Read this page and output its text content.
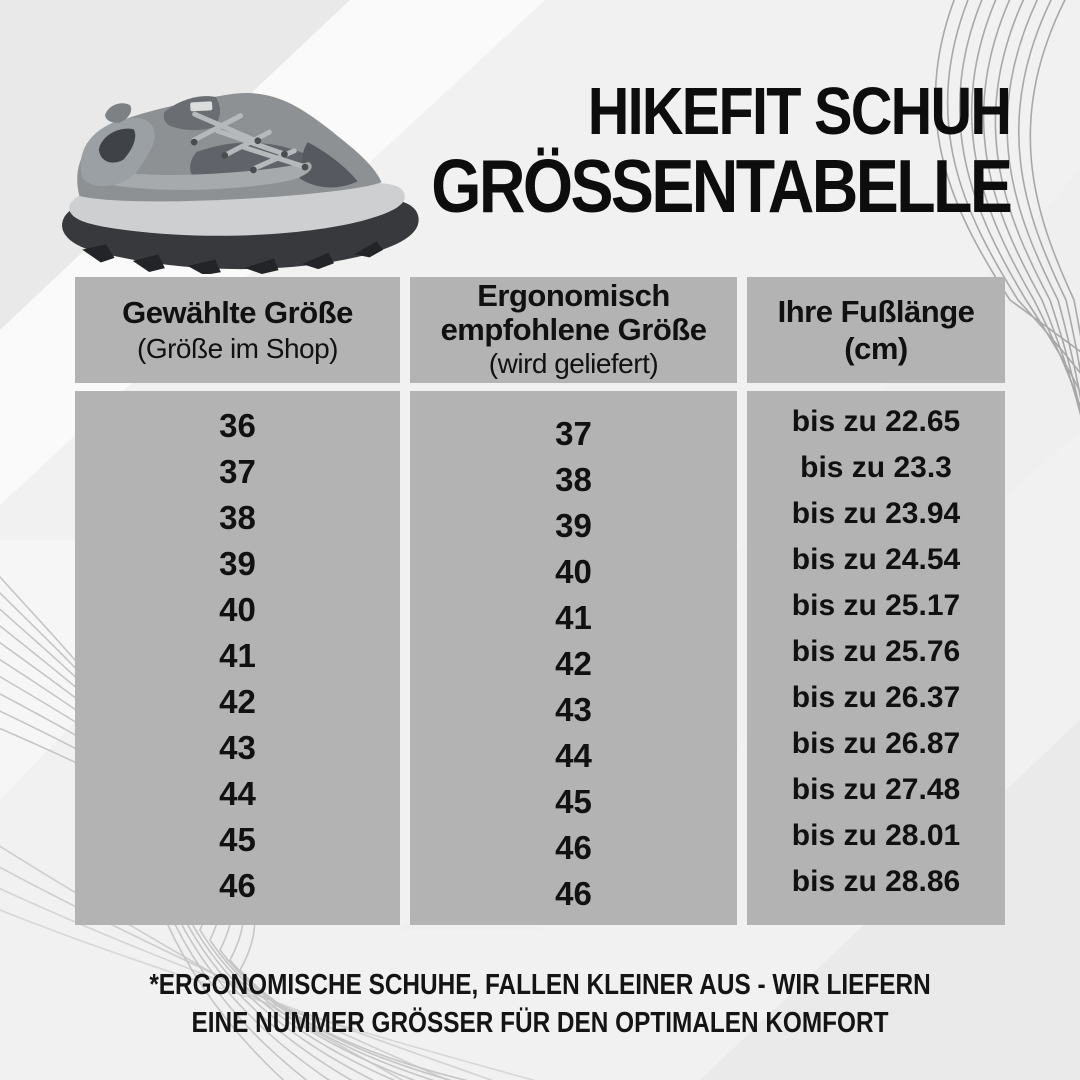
HIKEFIT SCHUH
GRÖSSENTABELLE
Gewählte Größe
(Größe im Shop)
Ergonomisch
empfohlene Größe
(wird geliefert)
Ihre Fußlänge
(cm)
36
37
38
39
40
41
42
43
44
45
46
37
38
39
40
41
42
43
44
45
46
46
bis zu 22.65
bis zu 23.3
bis zu 23.94
bis zu 24.54
bis zu 25.17
bis zu 25.76
bis zu 26.37
bis zu 26.87
bis zu 27.48
bis zu 28.01
bis zu 28.86
*ERGONOMISCHE SCHUHE, FALLEN KLEINER AUS - WIR LIEFERN
EINE NUMMER GRÖSSER FÜR DEN OPTIMALEN KOMFORT
